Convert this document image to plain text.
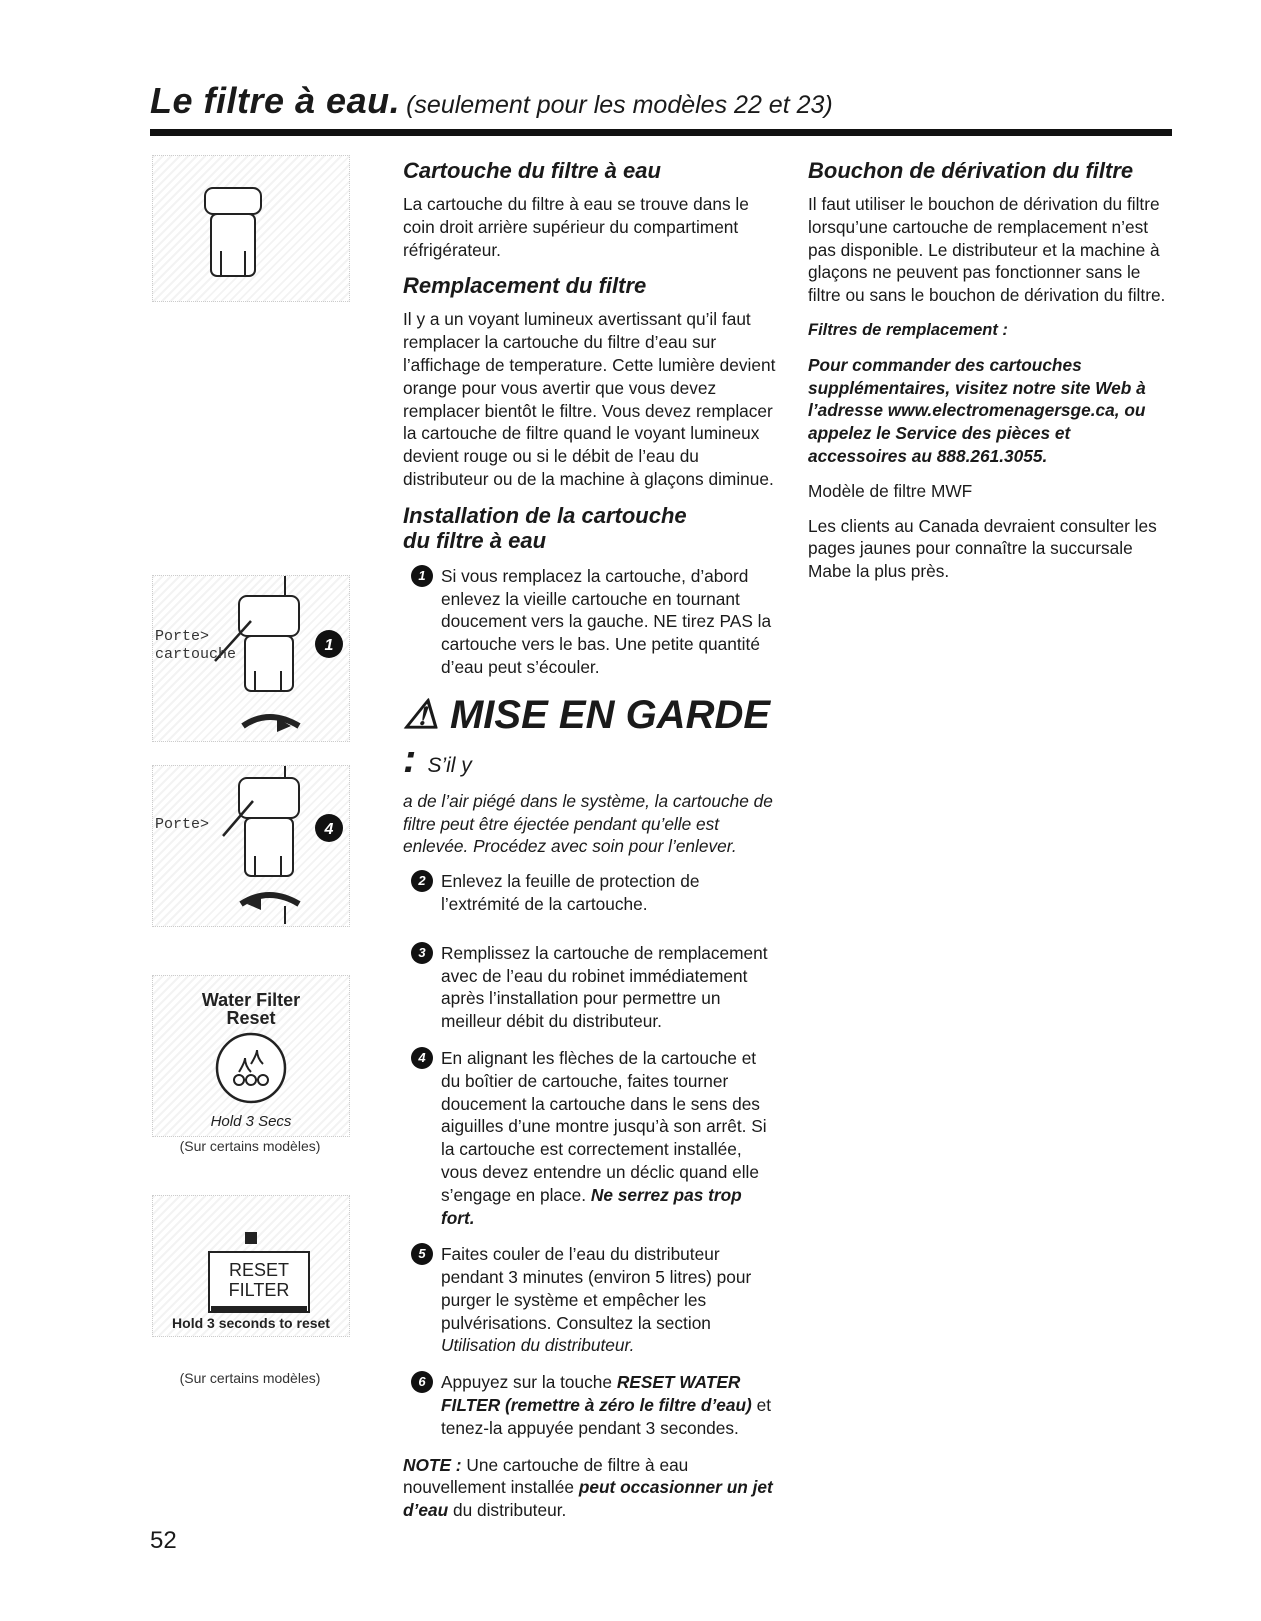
Le filtre à eau. (seulement pour les modèles 22 et 23)
Porte>
cartouche
1
Porte>	4
Water Filter
Reset
Hold 3 Secs
(Sur certains modèles)
RESET
FILTER
Hold 3 seconds to reset
(Sur certains modèles)
Cartouche du filtre à eau

La cartouche du filtre à eau se trouve dans le coin droit arrière supérieur du compartiment réfrigérateur.

Remplacement du filtre

Il y a un voyant lumineux avertissant qu’il faut remplacer la cartouche du filtre d’eau sur l’affichage de temperature. Cette lumière devient orange pour vous avertir que vous devez remplacer bientôt le filtre. Vous devez remplacer la cartouche de filtre quand le voyant lumineux devient rouge ou si le débit de l’eau du distributeur ou de la machine à glaçons diminue.

Installation de la cartouche
du filtre à eau
1 Si vous remplacez la cartouche, d’abord enlevez la vieille cartouche en tournant doucement vers la gauche. NE tirez PAS la cartouche vers le bas. Une petite quantité d’eau peut s’écouler.
⚠ MISE EN GARDE : S’il y

a de l’air piégé dans le système, la cartouche de filtre peut être éjectée pendant qu’elle est enlevée. Procédez avec soin pour l’enlever.

2 Enlevez la feuille de protection de l’extrémité de la cartouche.
3 Remplissez la cartouche de remplacement avec de l’eau du robinet immédiatement après l’installation pour permettre un meilleur débit du distributeur.
4 En alignant les flèches de la cartouche et du boîtier de cartouche, faites tourner doucement la cartouche dans le sens des aiguilles d’une montre jusqu’à son arrêt. Si la cartouche est correctement installée, vous devez entendre un déclic quand elle s’engage en place. Ne serrez pas trop fort.
5 Faites couler de l’eau du distributeur pendant 3 minutes (environ 5 litres) pour purger le système et empêcher les pulvérisations. Consultez la section Utilisation du distributeur.
6 Appuyez sur la touche RESET WATER FILTER (remettre à zéro le filtre d’eau) et tenez-la appuyée pendant 3 secondes.

NOTE : Une cartouche de filtre à eau nouvellement installée peut occasionner un jet d’eau du distributeur.

Bouchon de dérivation du filtre

Il faut utiliser le bouchon de dérivation du filtre lorsqu’une cartouche de remplacement n’est pas disponible. Le distributeur et la machine à glaçons ne peuvent pas fonctionner sans le filtre ou sans le bouchon de dérivation du filtre.

Filtres de remplacement :

Pour commander des cartouches supplémentaires, visitez notre site Web à l’adresse www.electromenagersge.ca, ou appelez le Service des pièces et accessoires au 888.261.3055.

Modèle de filtre MWF

Les clients au Canada devraient consulter les pages jaunes pour connaître la succursale Mabe la plus près.

52
